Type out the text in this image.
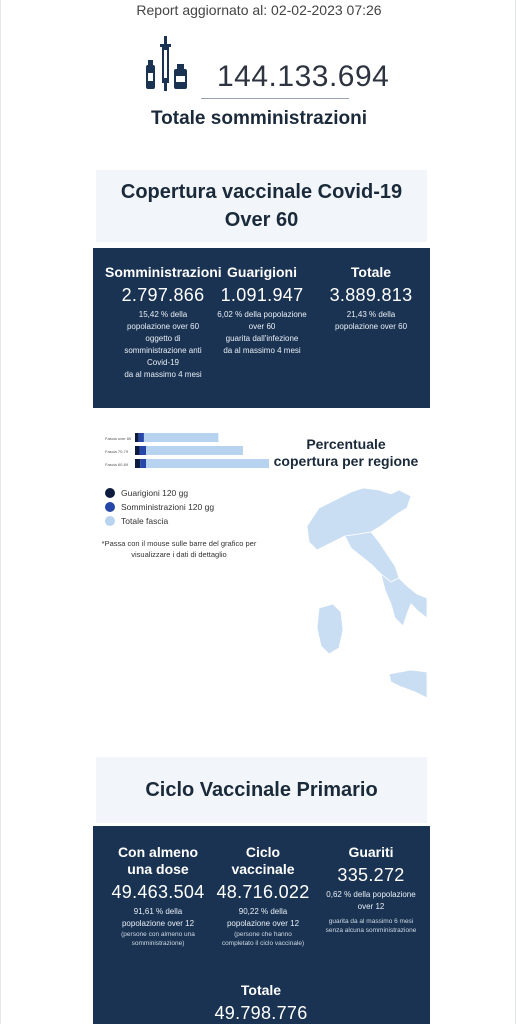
Report aggiornato al: 02-02-2023 07:26
144.133.694
Totale somministrazioni
Copertura vaccinale Covid-19
Over 60
Somministrazioni
2.797.866
15,42 % della
popolazione over 60
oggetto di
somministrazione anti
Covid-19
da al massimo 4 mesi
Guarigioni
1.091.947
6,02 % della popolazione
over 60
guarita dall'infezione
da al massimo 4 mesi
Totale
3.889.813
21,43 % della
popolazione over 60
Fascia over 80
Fascia 70-79
Fascia 60-69
Guarigioni 120 gg
Somministrazioni 120 gg
Totale fascia
*Passa con il mouse sulle barre del grafico per
visualizzare i dati di dettaglio
Percentuale
copertura per regione
Ciclo Vaccinale Primario
Con almeno
una dose
49.463.504
91,61 % della
popolazione over 12
(persone con almeno una
somministrazione)
Ciclo
vaccinale
48.716.022
90,22 % della
popolazione over 12
(persone che hanno
completato il ciclo vaccinale)
Guariti
335.272
0,62 % della popolazione
over 12
guarita da al massimo 6 mesi
senza alcuna somministrazione
Totale
49.798.776
